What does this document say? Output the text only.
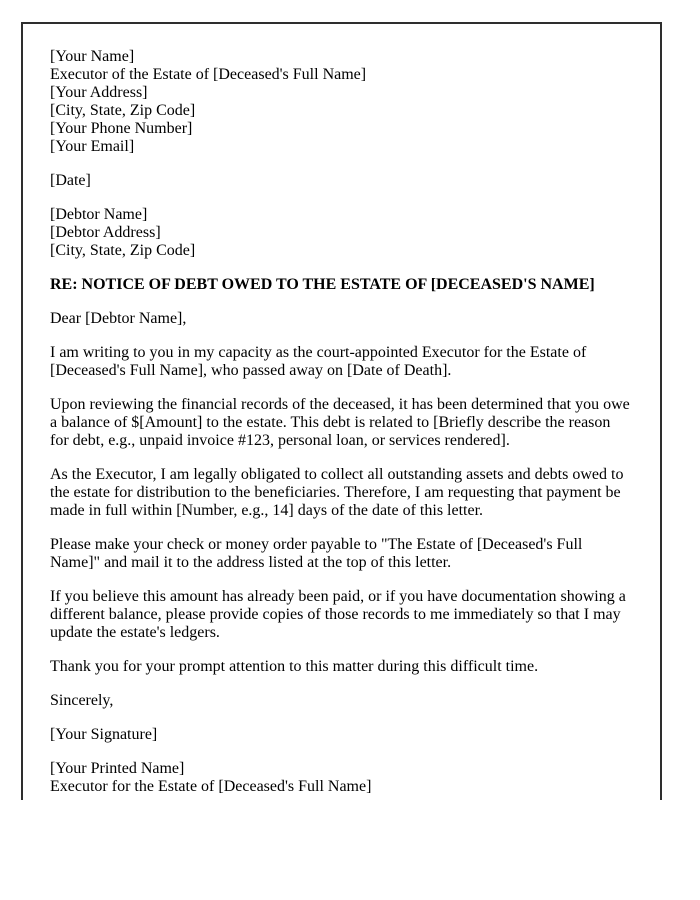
[Your Name]
Executor of the Estate of [Deceased's Full Name]
[Your Address]
[City, State, Zip Code]
[Your Phone Number]
[Your Email]

[Date]

[Debtor Name]
[Debtor Address]
[City, State, Zip Code]

RE: NOTICE OF DEBT OWED TO THE ESTATE OF [DECEASED'S NAME]

Dear [Debtor Name],

I am writing to you in my capacity as the court-appointed Executor for the Estate of [Deceased's Full Name], who passed away on [Date of Death].

Upon reviewing the financial records of the deceased, it has been determined that you owe a balance of $[Amount] to the estate. This debt is related to [Briefly describe the reason for debt, e.g., unpaid invoice #123, personal loan, or services rendered].

As the Executor, I am legally obligated to collect all outstanding assets and debts owed to the estate for distribution to the beneficiaries. Therefore, I am requesting that payment be made in full within [Number, e.g., 14] days of the date of this letter.

Please make your check or money order payable to "The Estate of [Deceased's Full Name]" and mail it to the address listed at the top of this letter.

If you believe this amount has already been paid, or if you have documentation showing a different balance, please provide copies of those records to me immediately so that I may update the estate's ledgers.

Thank you for your prompt attention to this matter during this difficult time.

Sincerely,

[Your Signature]

[Your Printed Name]
Executor for the Estate of [Deceased's Full Name]
